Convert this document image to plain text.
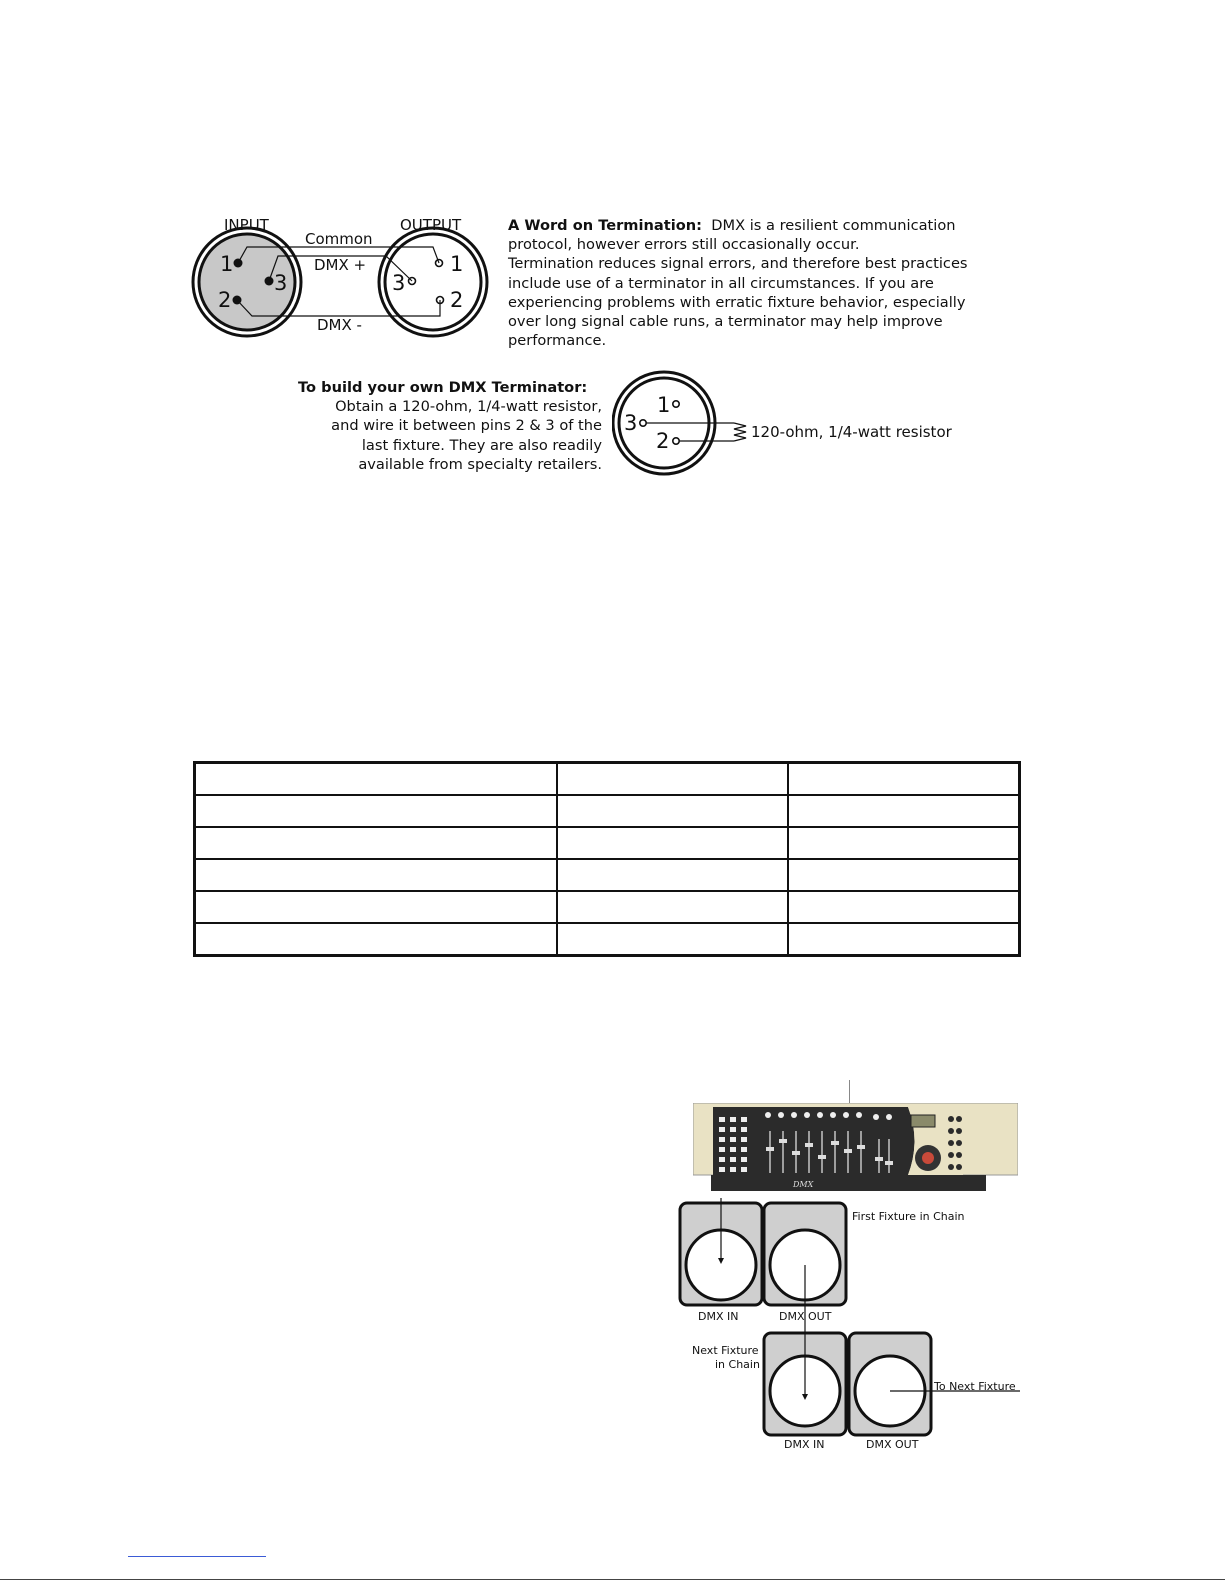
INPUT	OUTPUT
Common
DMX +
DMX -
1
2
3
1
2
3
A Word on Termination: DMX is a resilient communication
protocol, however errors still occasionally occur.
Termination reduces signal errors, and therefore best practices
include use of a terminator in all circumstances. If you are
experiencing problems with erratic fixture behavior, especially
over long signal cable runs, a terminator may help improve
performance.
To build your own DMX Terminator:
Obtain a 120-ohm, 1/4-watt resistor,
and wire it between pins 2 & 3 of the
last fixture. They are also readily
available from specialty retailers.
1
2
3	120-ohm, 1/4-watt resistor

DMX
First Fixture in Chain
DMX IN	DMX OUT
Next Fixture
in Chain
To Next Fixture
DMX IN	DMX OUT
